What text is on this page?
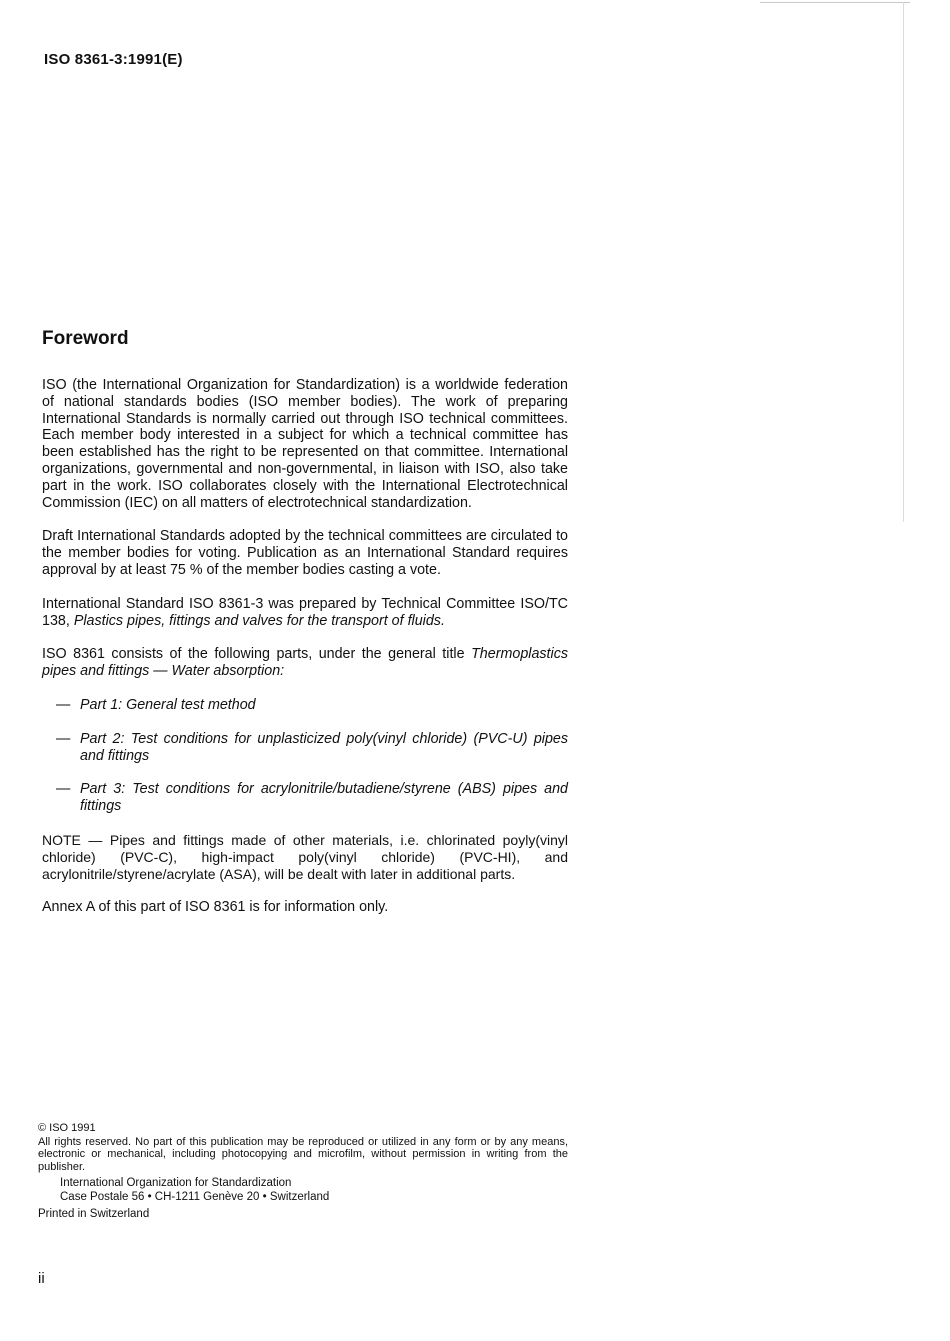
ISO 8361-3:1991(E)
Foreword

ISO (the International Organization for Standardization) is a worldwide federation of national standards bodies (ISO member bodies). The work of preparing International Standards is normally carried out through ISO technical committees. Each member body interested in a subject for which a technical committee has been established has the right to be represented on that committee. International organizations, governmental and non-governmental, in liaison with ISO, also take part in the work. ISO collaborates closely with the International Electrotechnical Commission (IEC) on all matters of electrotechnical standardization.

Draft International Standards adopted by the technical committees are circulated to the member bodies for voting. Publication as an International Standard requires approval by at least 75 % of the member bodies casting a vote.

International Standard ISO 8361-3 was prepared by Technical Committee ISO/TC 138, Plastics pipes, fittings and valves for the transport of fluids.

ISO 8361 consists of the following parts, under the general title Thermoplastics pipes and fittings — Water absorption:

— Part 1: General test method
— Part 2: Test conditions for unplasticized poly(vinyl chloride) (PVC-U) pipes and fittings
— Part 3: Test conditions for acrylonitrile/butadiene/styrene (ABS) pipes and fittings

NOTE — Pipes and fittings made of other materials, i.e. chlorinated poyly(vinyl chloride) (PVC-C), high-impact poly(vinyl chloride) (PVC-HI), and acrylonitrile/styrene/acrylate (ASA), will be dealt with later in additional parts.

Annex A of this part of ISO 8361 is for information only.

© ISO 1991
All rights reserved. No part of this publication may be reproduced or utilized in any form or by any means, electronic or mechanical, including photocopying and microfilm, without permission in writing from the publisher.
International Organization for Standardization
Case Postale 56 • CH-1211 Genève 20 • Switzerland
Printed in Switzerland
ii
